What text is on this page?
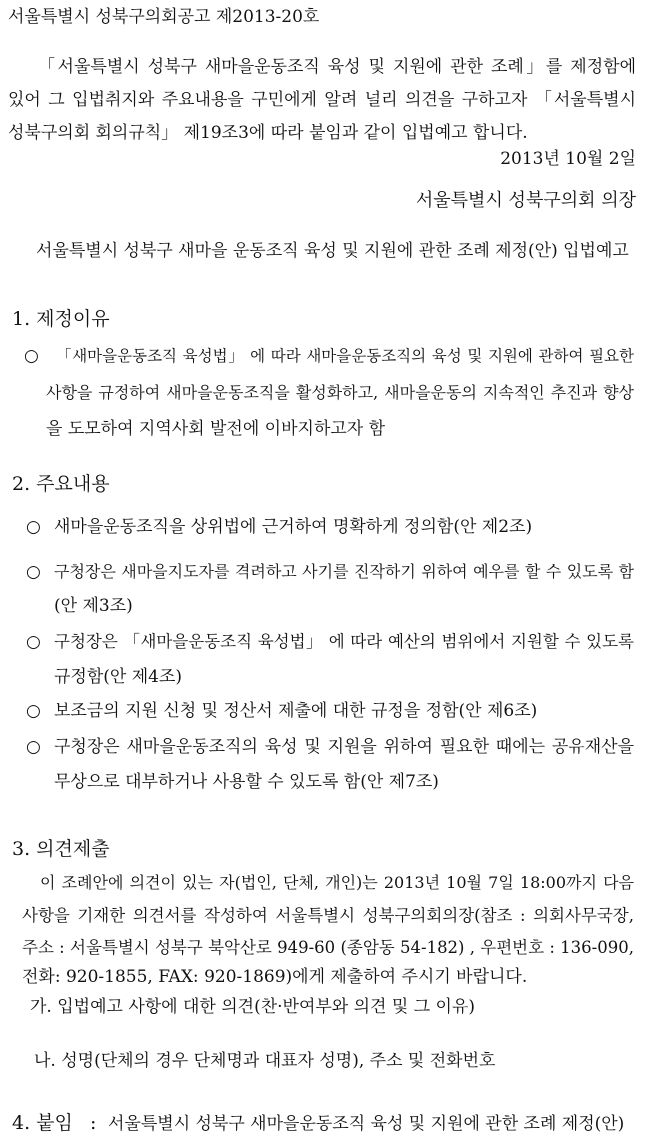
서울특별시 성북구의회공고 제2013-20호
「서울특별시 성북구 새마을운동조직 육성 및 지원에 관한 조례」를 제정함에
있어 그 입법취지와 주요내용을 구민에게 알려 널리 의견을 구하고자 「서울특별시
성북구의회 회의규칙」 제19조3에 따라 붙임과 같이 입법예고 합니다.
2013년 10월 2일
서울특별시 성북구의회 의장
서울특별시 성북구 새마을 운동조직 육성 및 지원에 관한 조례 제정(안) 입법예고
1. 제정이유
○ 「새마을운동조직 육성법」 에 따라 새마을운동조직의 육성 및 지원에 관하여 필요한
사항을 규정하여 새마을운동조직을 활성화하고, 새마을운동의 지속적인 추진과 향상
을 도모하여 지역사회 발전에 이바지하고자 함
2. 주요내용
○ 새마을운동조직을 상위법에 근거하여 명확하게 정의함(안 제2조)
○ 구청장은 새마을지도자를 격려하고 사기를 진작하기 위하여 예우를 할 수 있도록 함
(안 제3조)
○ 구청장은 「새마을운동조직 육성법」 에 따라 예산의 범위에서 지원할 수 있도록
규정함(안 제4조)
○ 보조금의 지원 신청 및 정산서 제출에 대한 규정을 정함(안 제6조)
○ 구청장은 새마을운동조직의 육성 및 지원을 위하여 필요한 때에는 공유재산을
무상으로 대부하거나 사용할 수 있도록 함(안 제7조)
3. 의견제출
이 조례안에 의견이 있는 자(법인, 단체, 개인)는 2013년 10월 7일 18:00까지 다음
사항을 기재한 의견서를 작성하여 서울특별시 성북구의회의장(참조 : 의회사무국장,
주소 : 서울특별시 성북구 북악산로 949-60 (종암동 54-182) , 우편번호 : 136-090,
전화: 920-1855, FAX: 920-1869)에게 제출하여 주시기 바랍니다.
가. 입법예고 사항에 대한 의견(찬·반여부와 의견 및 그 이유)
나. 성명(단체의 경우 단체명과 대표자 성명), 주소 및 전화번호
4. 붙임 : 서울특별시 성북구 새마을운동조직 육성 및 지원에 관한 조례 제정(안)
